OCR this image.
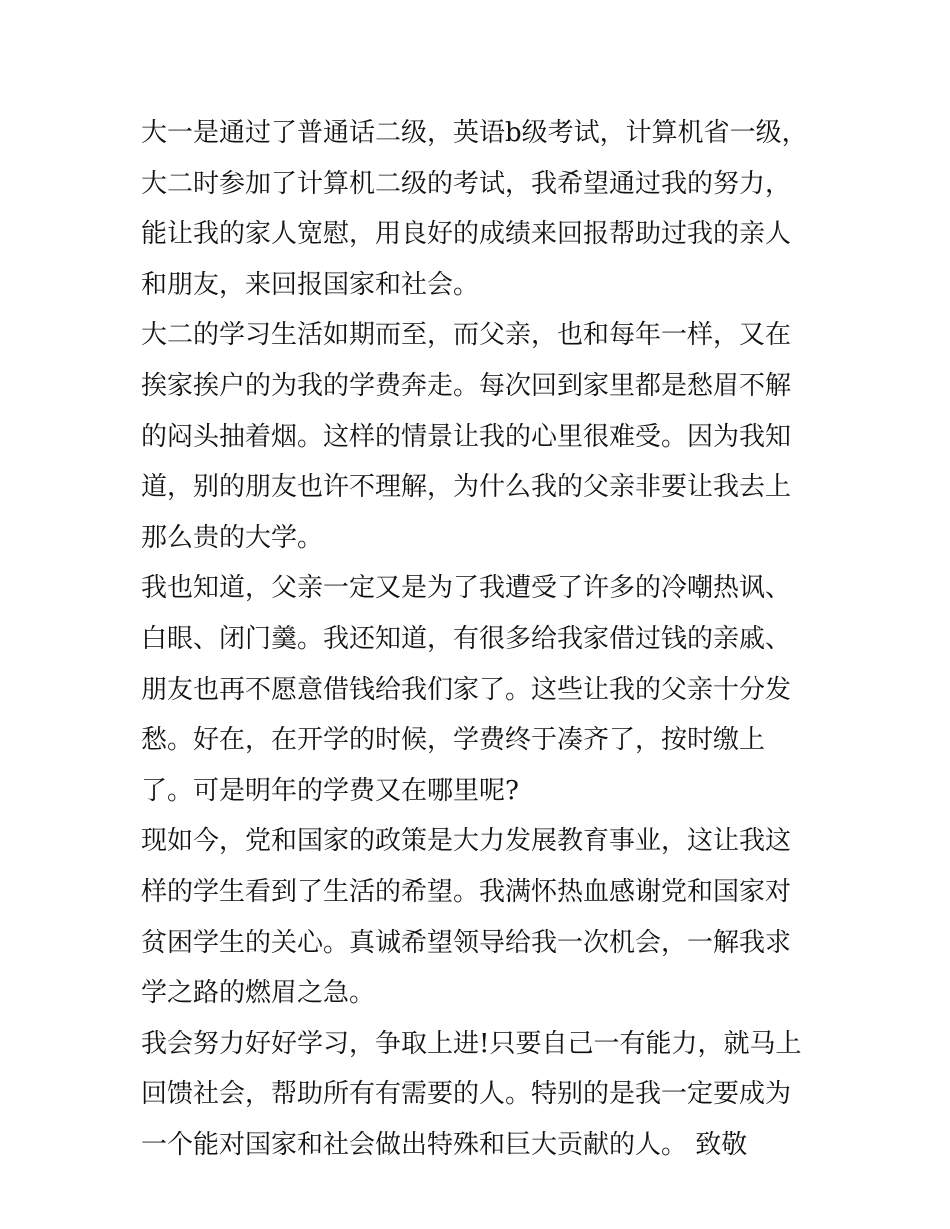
大一是通过了普通话二级，英语b级考试，计算机省一级，大二时参加了计算机二级的考试，我希望通过我的努力，能让我的家人宽慰，用良好的成绩来回报帮助过我的亲人和朋友，来回报国家和社会。

大二的学习生活如期而至，而父亲，也和每年一样，又在挨家挨户的为我的学费奔走。每次回到家里都是愁眉不解的闷头抽着烟。这样的情景让我的心里很难受。因为我知道，别的朋友也许不理解，为什么我的父亲非要让我去上那么贵的大学。

我也知道，父亲一定又是为了我遭受了许多的冷嘲热讽、白眼、闭门羹。我还知道，有很多给我家借过钱的亲戚、朋友也再不愿意借钱给我们家了。这些让我的父亲十分发愁。好在，在开学的时候，学费终于凑齐了，按时缴上了。可是明年的学费又在哪里呢?

现如今，党和国家的政策是大力发展教育事业，这让我这样的学生看到了生活的希望。我满怀热血感谢党和国家对贫困学生的关心。真诚希望领导给我一次机会，一解我求学之路的燃眉之急。

我会努力好好学习，争取上进!只要自己一有能力，就马上回馈社会，帮助所有有需要的人。特别的是我一定要成为一个能对国家和社会做出特殊和巨大贡献的人。 致敬
